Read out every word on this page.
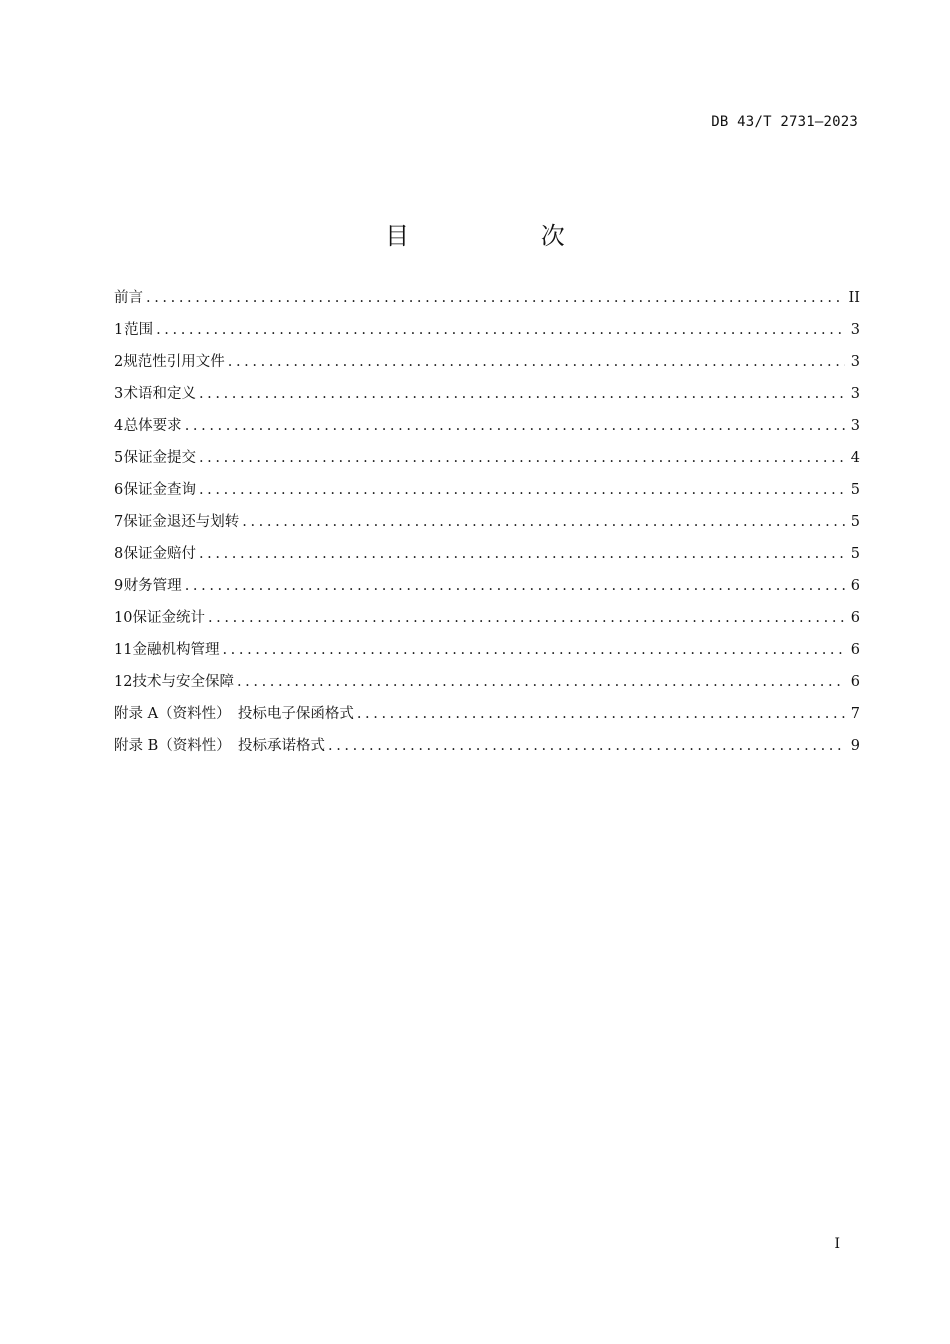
DB 43/T 2731—2023
目 次
前言 .....	II
1 范围 .....	3
2 规范性引用文件 .....	3
3 术语和定义 .....	3
4 总体要求 .....	3
5 保证金提交 .....	4
6 保证金查询 .....	5
7 保证金退还与划转 .....	5
8 保证金赔付 .....	5
9 财务管理 .....	6
10 保证金统计 .....	6
11 金融机构管理 .....	6
12 技术与安全保障 .....	6
附录 A（资料性）　投标电子保函格式 .....	7
附录 B（资料性）　投标承诺格式 .....	9
I
